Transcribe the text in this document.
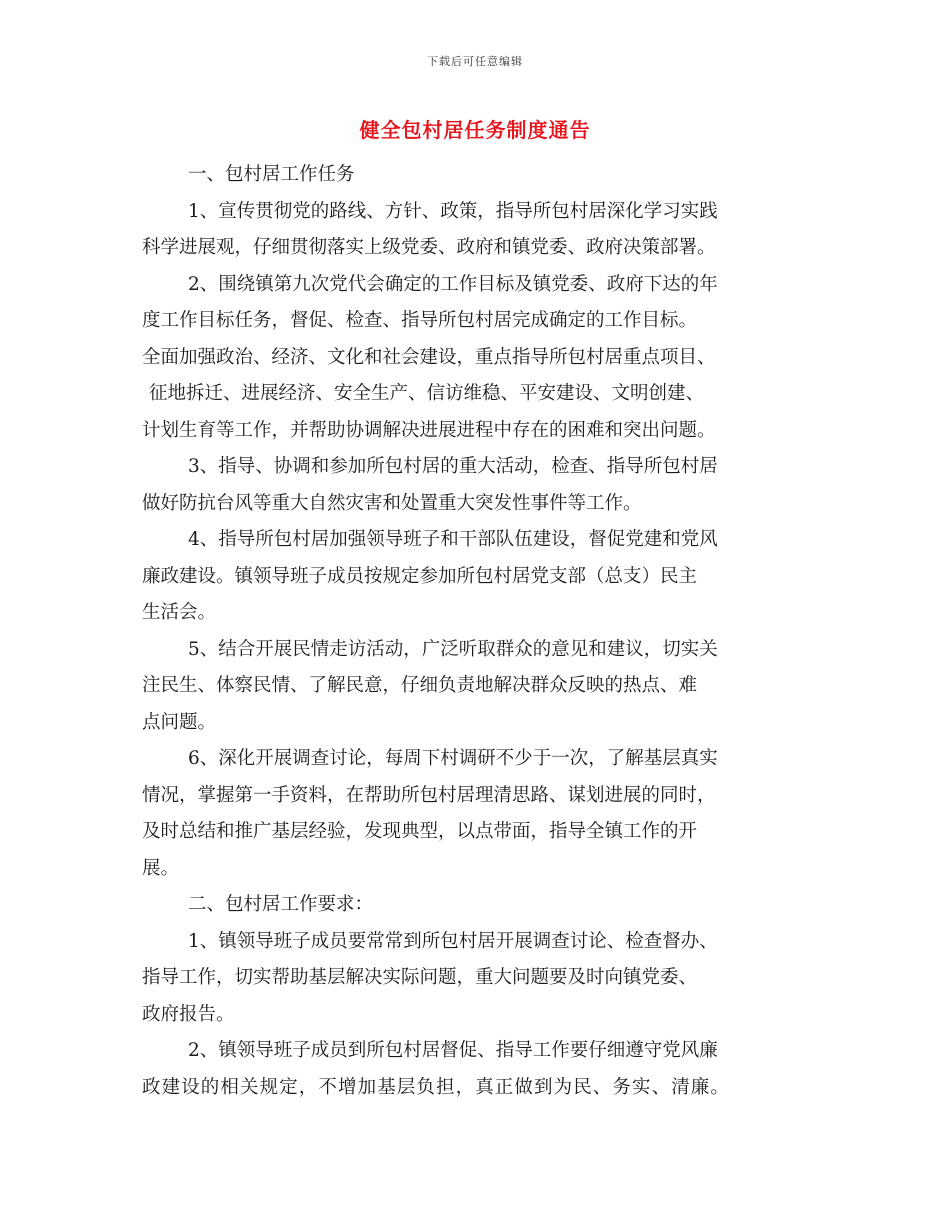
下载后可任意编辑
健全包村居任务制度通告
一、包村居工作任务
1、宣传贯彻党的路线、方针、政策，指导所包村居深化学习实践
科学进展观，仔细贯彻落实上级党委、政府和镇党委、政府决策部署。
2、围绕镇第九次党代会确定的工作目标及镇党委、政府下达的年
度工作目标任务，督促、检查、指导所包村居完成确定的工作目标。
全面加强政治、经济、文化和社会建设，重点指导所包村居重点项目、
征地拆迁、进展经济、安全生产、信访维稳、平安建设、文明创建、
计划生育等工作，并帮助协调解决进展进程中存在的困难和突出问题。
3、指导、协调和参加所包村居的重大活动，检查、指导所包村居
做好防抗台风等重大自然灾害和处置重大突发性事件等工作。
4、指导所包村居加强领导班子和干部队伍建设，督促党建和党风
廉政建设。镇领导班子成员按规定参加所包村居党支部（总支）民主
生活会。
5、结合开展民情走访活动，广泛听取群众的意见和建议，切实关
注民生、体察民情、了解民意，仔细负责地解决群众反映的热点、难
点问题。
6、深化开展调查讨论，每周下村调研不少于一次，了解基层真实
情况，掌握第一手资料，在帮助所包村居理清思路、谋划进展的同时，
及时总结和推广基层经验，发现典型，以点带面，指导全镇工作的开
展。
二、包村居工作要求：
1、镇领导班子成员要常常到所包村居开展调查讨论、检查督办、
指导工作，切实帮助基层解决实际问题，重大问题要及时向镇党委、
政府报告。
2、镇领导班子成员到所包村居督促、指导工作要仔细遵守党风廉
政建设的相关规定，不增加基层负担，真正做到为民、务实、清廉。
